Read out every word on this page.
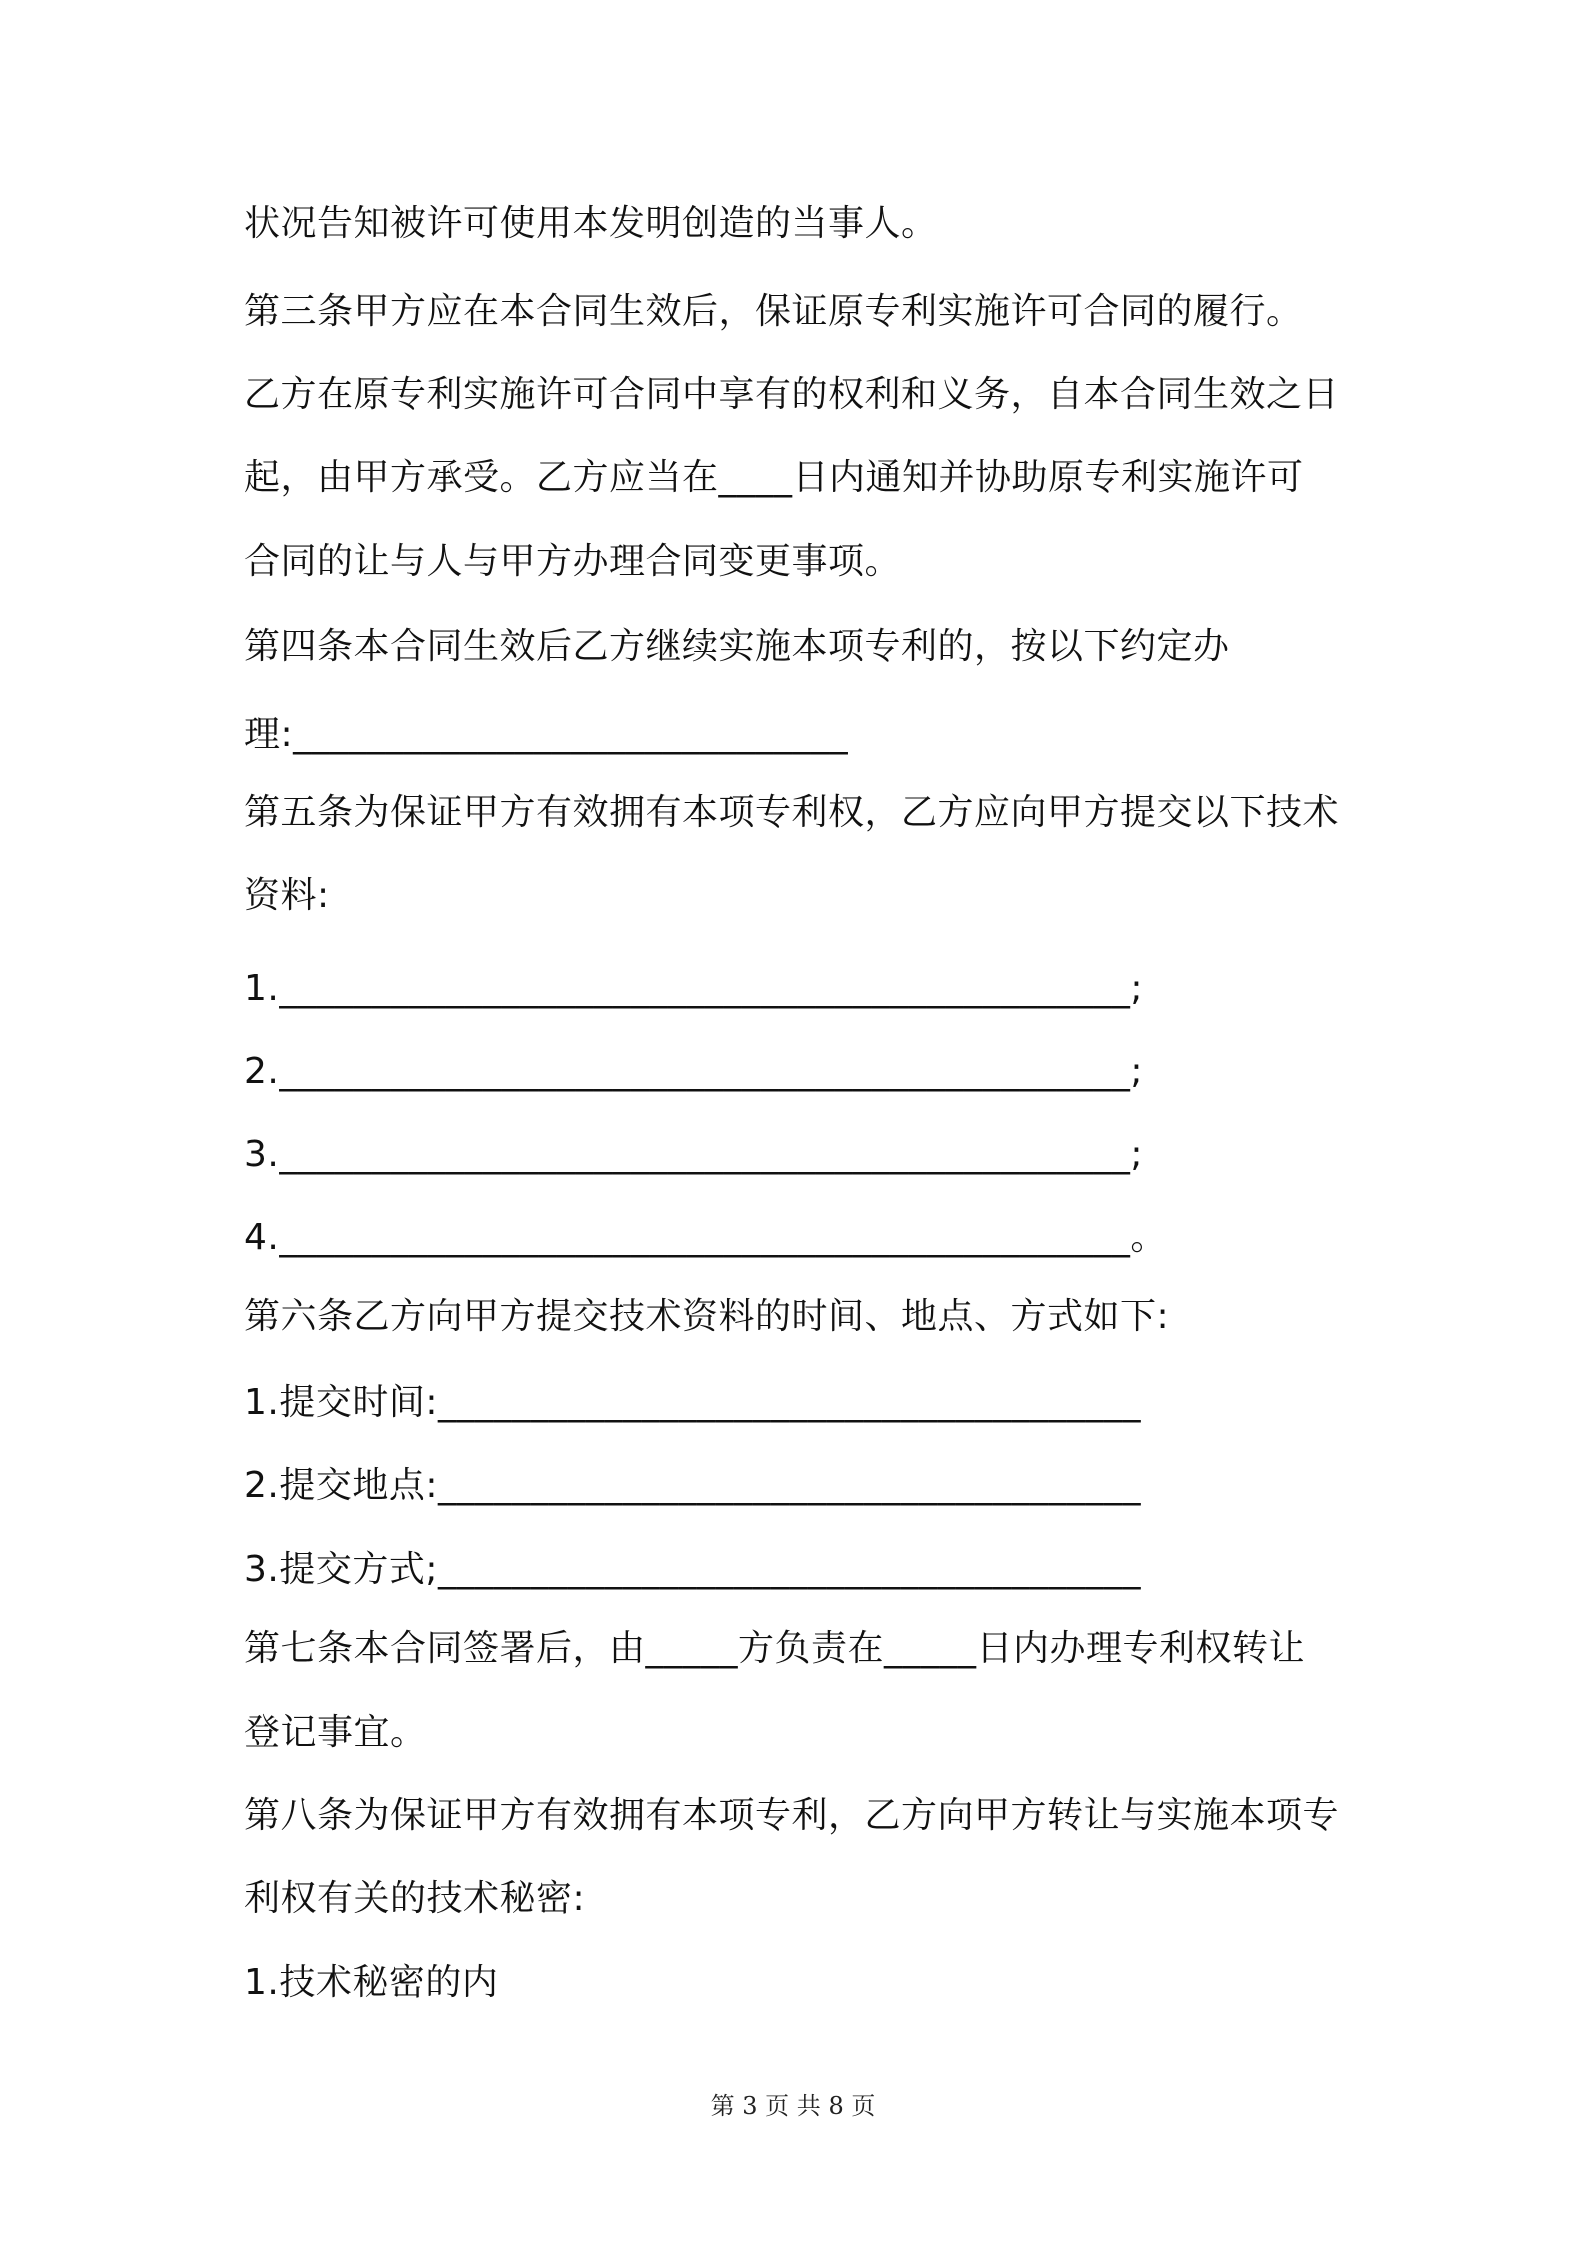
状况告知被许可使用本发明创造的当事人。
第三条甲方应在本合同生效后，保证原专利实施许可合同的履行。
乙方在原专利实施许可合同中享有的权利和义务，自本合同生效之日
起，由甲方承受。乙方应当在____日内通知并协助原专利实施许可
合同的让与人与甲方办理合同变更事项。
第四条本合同生效后乙方继续实施本项专利的，按以下约定办
理:______________________________
第五条为保证甲方有效拥有本项专利权，乙方应向甲方提交以下技术
资料:
1.______________________________________________;
2.______________________________________________;
3.______________________________________________;
4.______________________________________________。
第六条乙方向甲方提交技术资料的时间、地点、方式如下:
1.提交时间:______________________________________
2.提交地点:______________________________________
3.提交方式;______________________________________
第七条本合同签署后，由_____方负责在_____日内办理专利权转让
登记事宜。
第八条为保证甲方有效拥有本项专利，乙方向甲方转让与实施本项专
利权有关的技术秘密:
1.技术秘密的内
第 3 页 共 8 页
